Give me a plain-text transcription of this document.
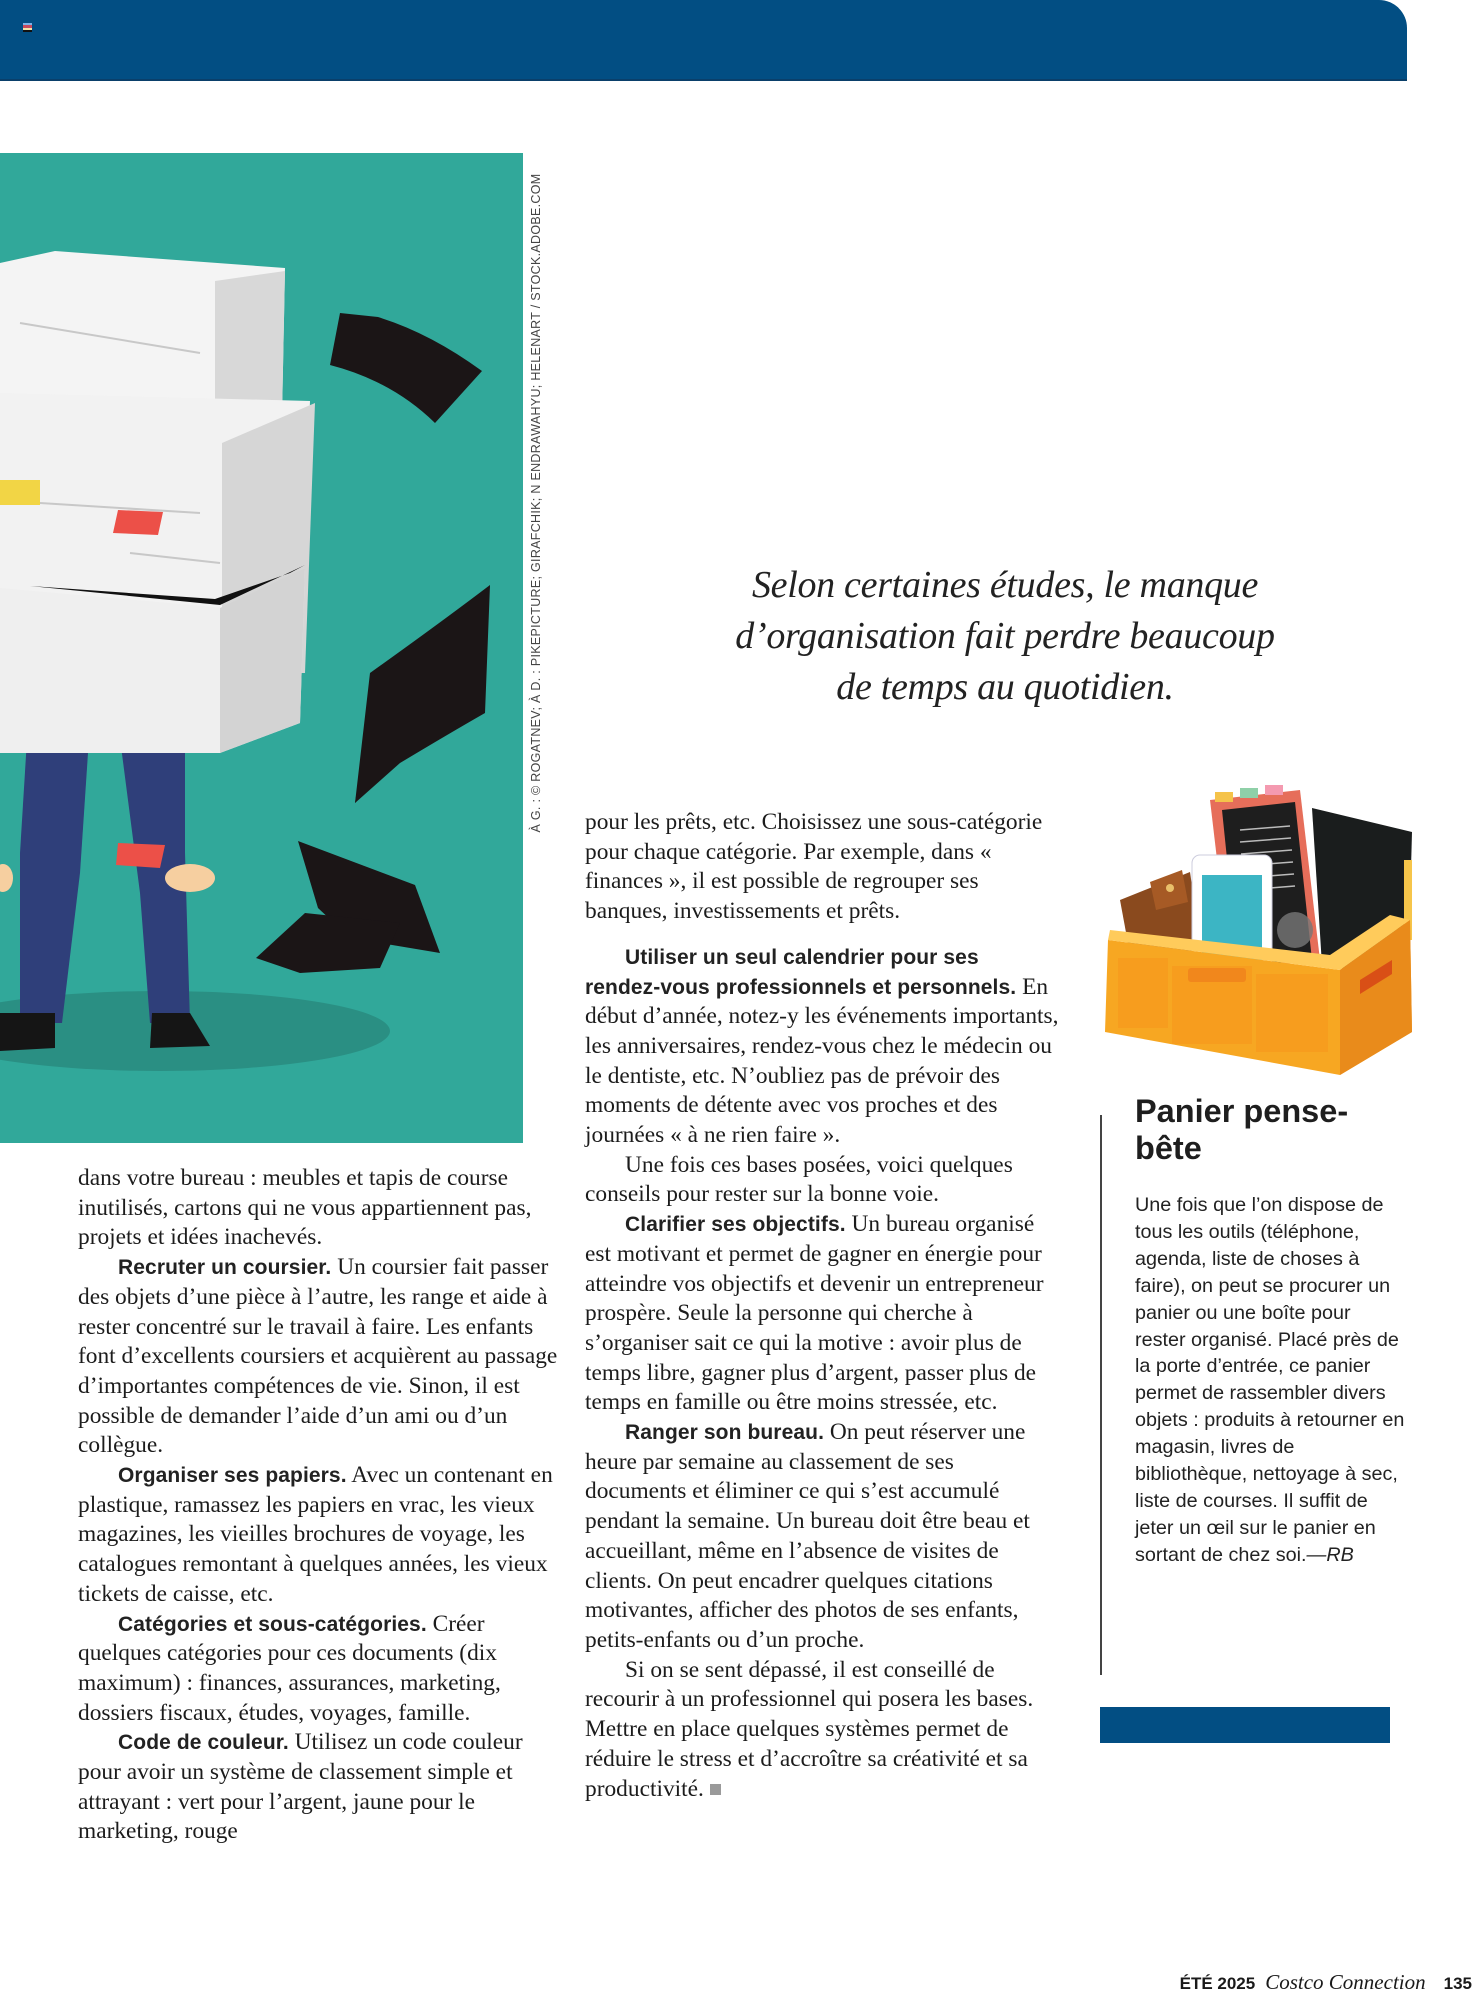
À G. : © ROGATNEV; À D. : PIKEPICTURE; GIRAFCHIK; N ENDRAWAHYU; HELENART / STOCK.ADOBE.COM	Selon certaines études, le manque
d’organisation fait perdre beaucoup
de temps au quotidien.

dans votre bureau : meubles et tapis de course inutilisés, cartons qui ne vous appartiennent pas, projets et idées inachevés.

Recruter un coursier. Un coursier fait passer des objets d’une pièce à l’autre, les range et aide à rester concentré sur le travail à faire. Les enfants font d’excellents coursiers et acquièrent au passage d’importantes compétences de vie. Sinon, il est possible de demander l’aide d’un ami ou d’un collègue.

Organiser ses papiers. Avec un contenant en plastique, ramassez les papiers en vrac, les vieux magazines, les vieilles brochures de voyage, les catalogues remontant à quelques années, les vieux tickets de caisse, etc.

Catégories et sous-catégories. Créer quelques catégories pour ces documents (dix maximum) : finances, assurances, marketing, dossiers fiscaux, études, voyages, famille.

Code de couleur. Utilisez un code couleur pour avoir un système de classement simple et attrayant : vert pour l’argent, jaune pour le marketing, rouge

pour les prêts, etc. Choisissez une sous-catégorie pour chaque catégorie. Par exemple, dans « finances », il est possible de regrouper ses banques, investissements et prêts.

Utiliser un seul calendrier pour ses rendez-vous professionnels et personnels. En début d’année, notez-y les événements importants, les anniversaires, rendez-vous chez le médecin ou le dentiste, etc. N’oubliez pas de prévoir des moments de détente avec vos proches et des journées « à ne rien faire ».

Une fois ces bases posées, voici quelques conseils pour rester sur la bonne voie.

Clarifier ses objectifs. Un bureau organisé est motivant et permet de gagner en énergie pour atteindre vos objectifs et devenir un entrepreneur prospère. Seule la personne qui cherche à s’organiser sait ce qui la motive : avoir plus de temps libre, gagner plus d’argent, passer plus de temps en famille ou être moins stressée, etc.

Ranger son bureau. On peut réserver une heure par semaine au classement de ses documents et éliminer ce qui s’est accumulé pendant la semaine. Un bureau doit être beau et accueillant, même en l’absence de visites de clients. On peut encadrer quelques citations motivantes, afficher des photos de ses enfants, petits-enfants ou d’un proche.

Si on se sent dépassé, il est conseillé de recourir à un professionnel qui posera les bases. Mettre en place quelques systèmes permet de réduire le stress et d’accroître sa créativité et sa productivité.

Panier pense-bête
Une fois que l’on dispose de tous les outils (téléphone, agenda, liste de choses à faire), on peut se procurer un panier ou une boîte pour rester organisé. Placé près de la porte d’entrée, ce panier permet de rassembler divers objets : produits à retourner en magasin, livres de bibliothèque, nettoyage à sec, liste de courses. Il suffit de jeter un œil sur le panier en sortant de chez soi.—RB
ÉTÉ 2025 Costco Connection 135
